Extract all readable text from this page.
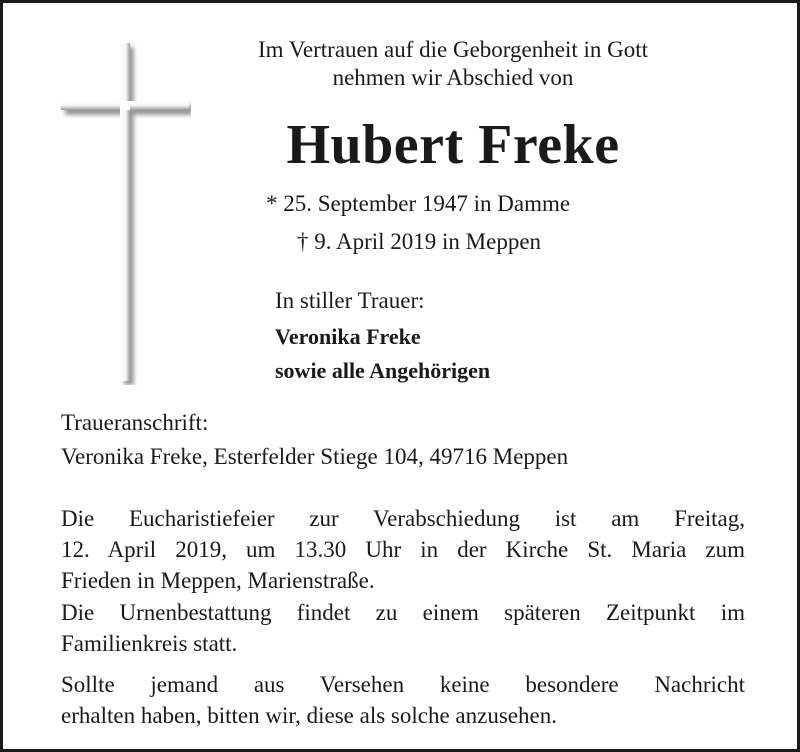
Im Vertrauen auf die Geborgenheit in Gott
nehmen wir Abschied von
Hubert Freke
* 25. September 1947 in Damme
† 9. April 2019 in Meppen
In stiller Trauer:
Veronika Freke
sowie alle Angehörigen
Traueranschrift:
Veronika Freke, Esterfelder Stiege 104, 49716 Meppen
Die Eucharistiefeier zur Verabschiedung ist am Freitag,
12. April 2019, um 13.30 Uhr in der Kirche St. Maria zum
Frieden in Meppen, Marienstraße.
Die Urnenbestattung findet zu einem späteren Zeitpunkt im
Familienkreis statt.
Sollte jemand aus Versehen keine besondere Nachricht
erhalten haben, bitten wir, diese als solche anzusehen.
